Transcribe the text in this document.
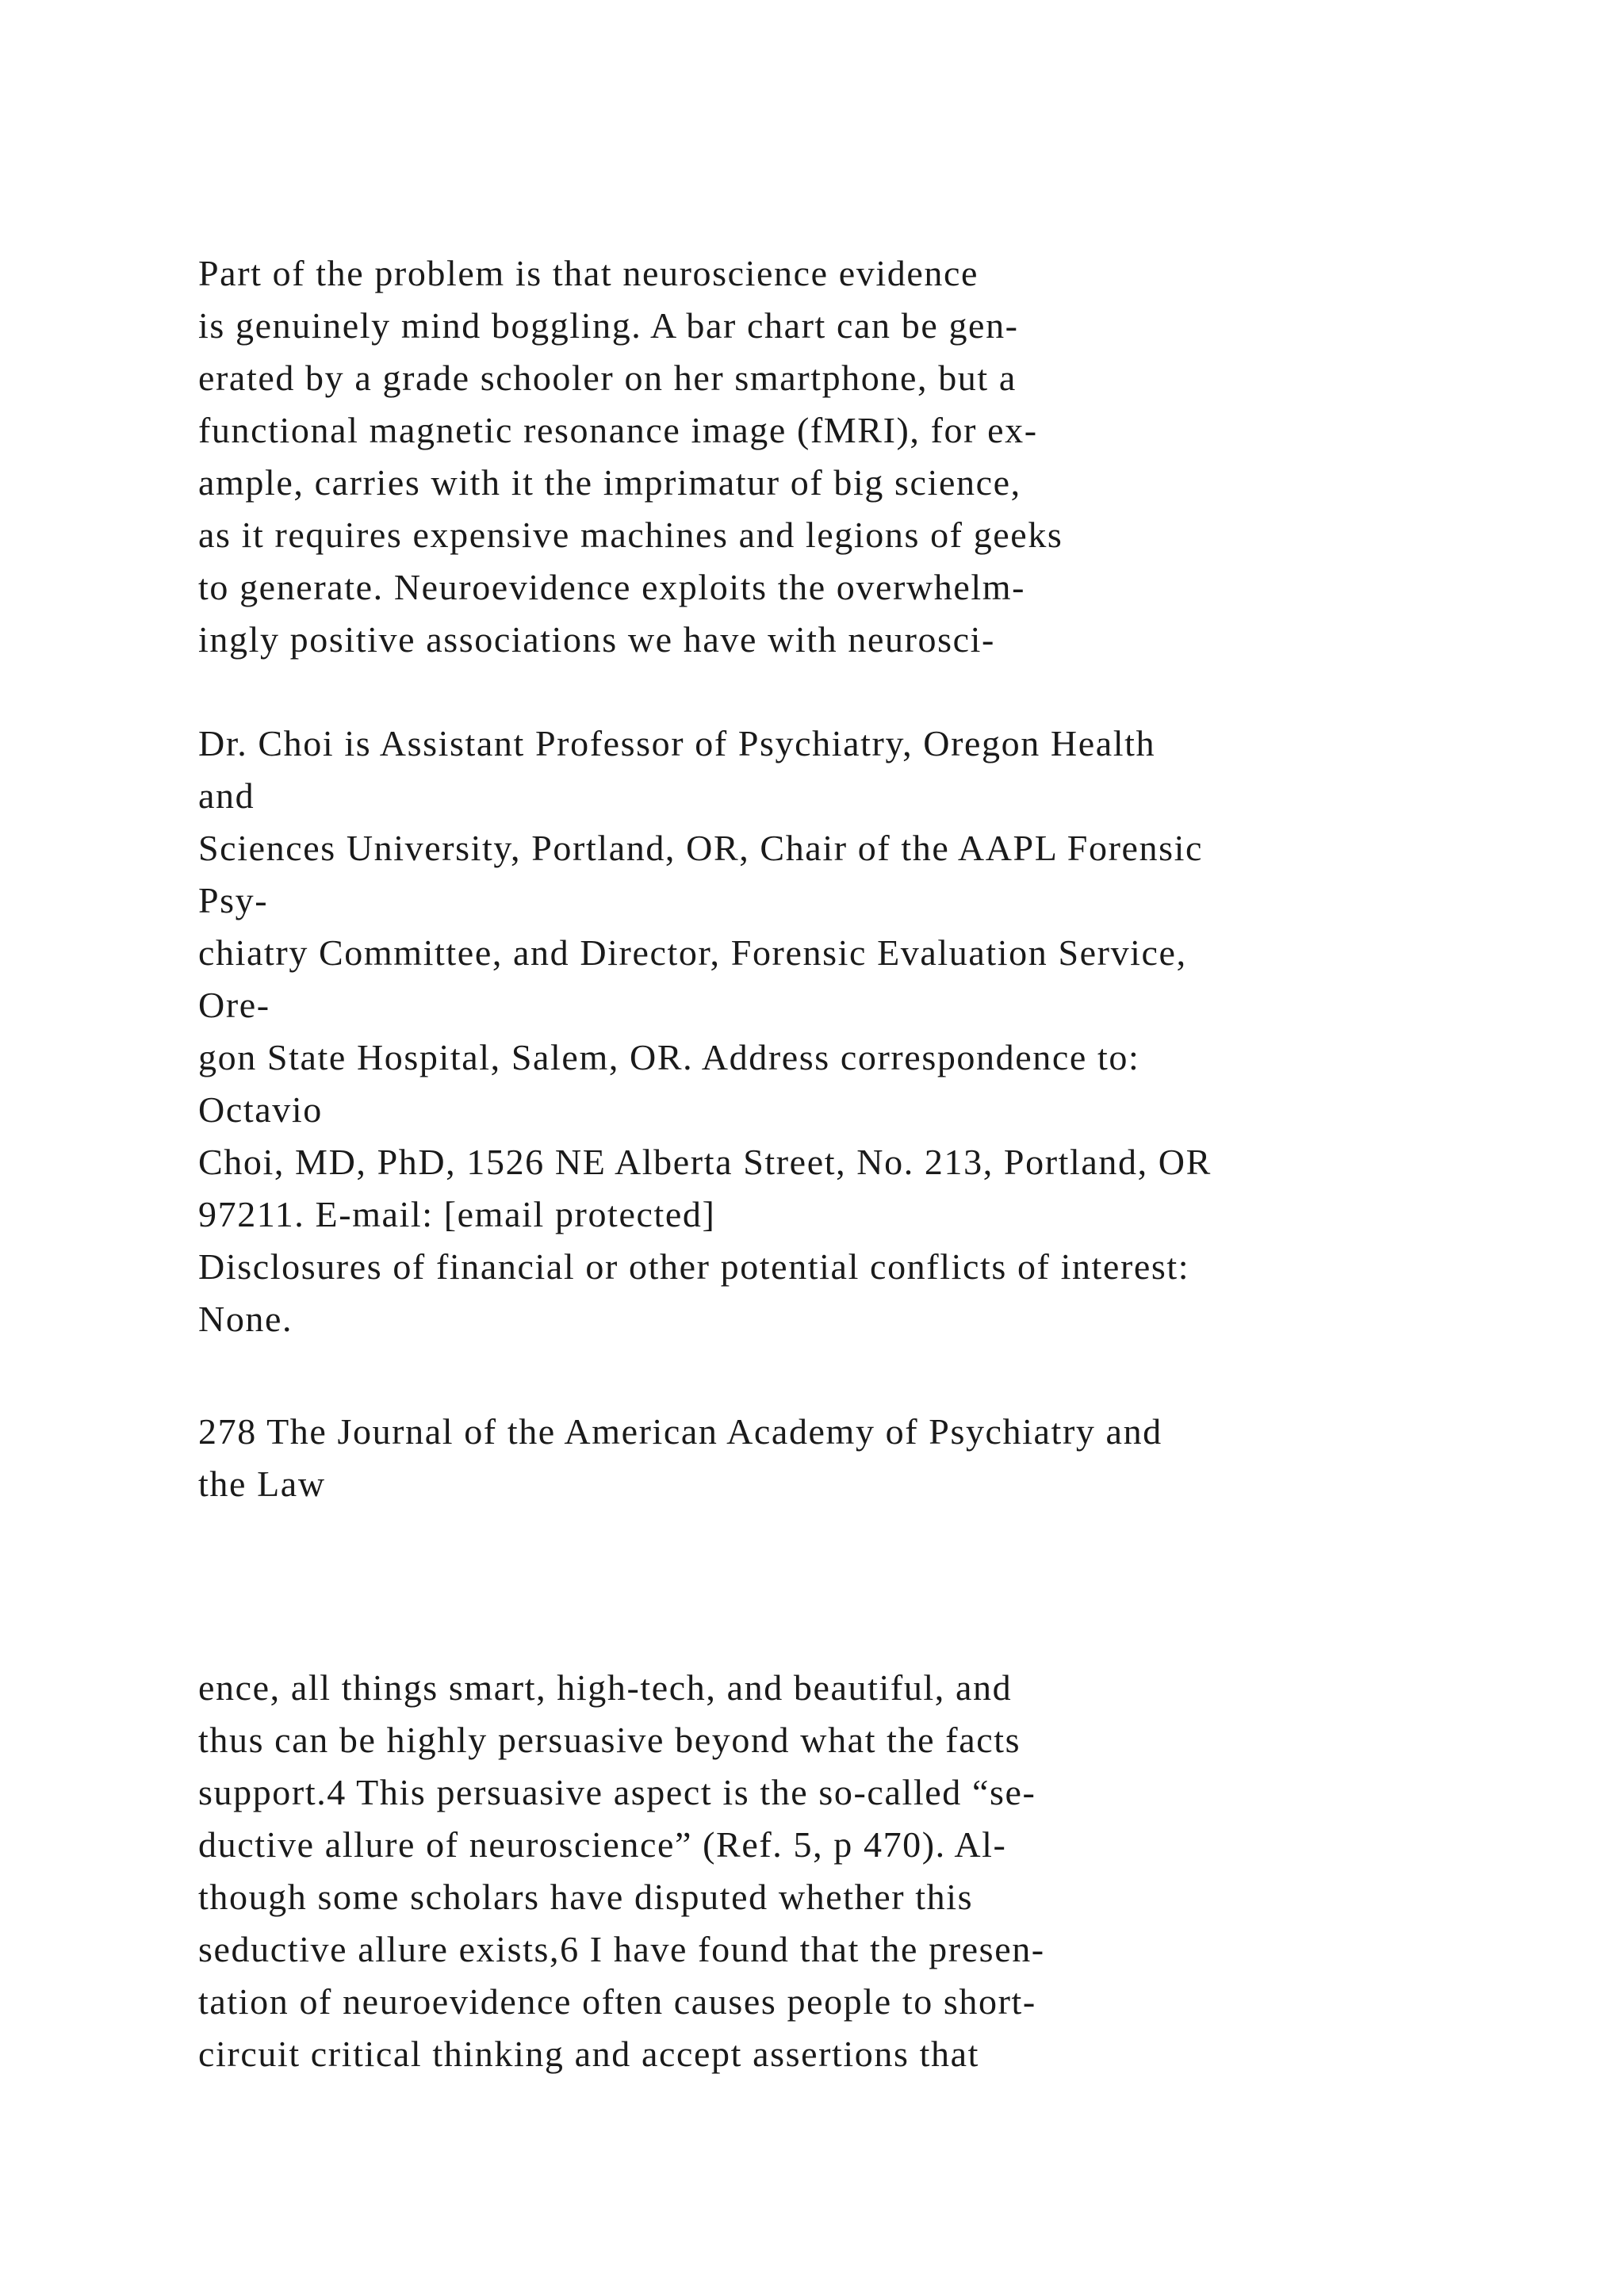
Part of the problem is that neuroscience evidence
is genuinely mind boggling. A bar chart can be gen-
erated by a grade schooler on her smartphone, but a
functional magnetic resonance image (fMRI), for ex-
ample, carries with it the imprimatur of big science,
as it requires expensive machines and legions of geeks
to generate. Neuroevidence exploits the overwhelm-
ingly positive associations we have with neurosci-
Dr. Choi is Assistant Professor of Psychiatry, Oregon Health
and
Sciences University, Portland, OR, Chair of the AAPL Forensic
Psy-
chiatry Committee, and Director, Forensic Evaluation Service,
Ore-
gon State Hospital, Salem, OR. Address correspondence to:
Octavio
Choi, MD, PhD, 1526 NE Alberta Street, No. 213, Portland, OR
97211. E-mail: [email protected]
Disclosures of financial or other potential conflicts of interest:
None.
278 The Journal of the American Academy of Psychiatry and
the Law
ence, all things smart, high-tech, and beautiful, and
thus can be highly persuasive beyond what the facts
support.4 This persuasive aspect is the so-called “se-
ductive allure of neuroscience” (Ref. 5, p 470). Al-
though some scholars have disputed whether this
seductive allure exists,6 I have found that the presen-
tation of neuroevidence often causes people to short-
circuit critical thinking and accept assertions that
